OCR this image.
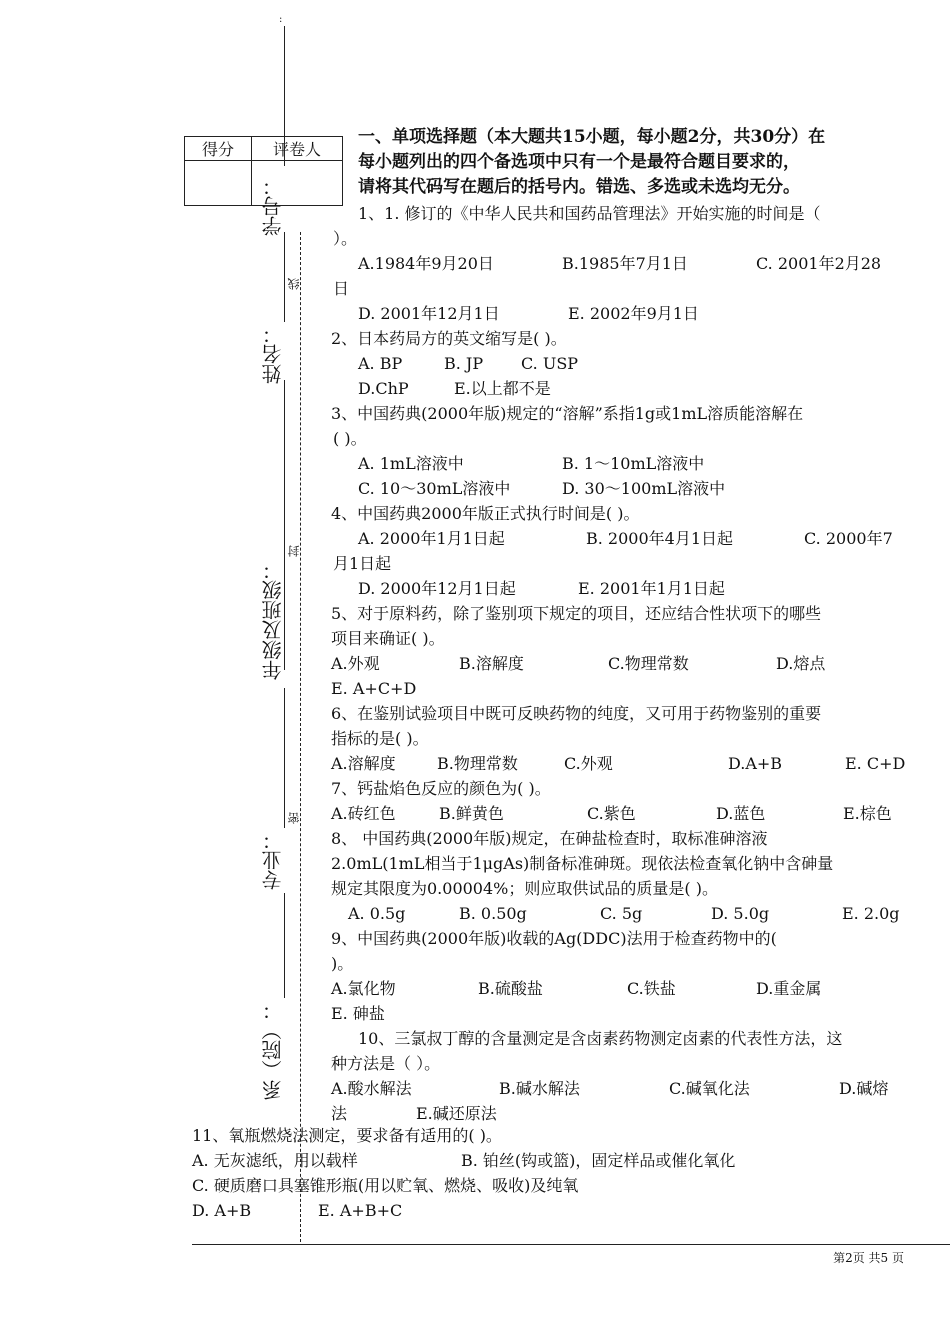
得分	评卷人

:
学号：
姓名：
年级及班级：
专业：
系（院）：
线
封
密
一、单项选择题（本大题共15小题，每小题2分，共30分）在
每小题列出的四个备选项中只有一个是最符合题目要求的，
请将其代码写在题后的括号内。错选、多选或未选均无分。
1、1. 修订的《中华人民共和国药品管理法》开始实施的时间是（
）。
A.1984年9月20日	B.1985年7月1日	C. 2001年2月28
日
D. 2001年12月1日	E. 2002年9月1日
2、日本药局方的英文缩写是( )。
A. BP	B. JP C. USP
D.ChP	E.以上都不是
3、中国药典(2000年版)规定的“溶解”系指1g或1mL溶质能溶解在
( )。
A. 1mL溶液中	B. 1～10mL溶液中
C. 10～30mL溶液中	D. 30～100mL溶液中
4、中国药典2000年版正式执行时间是( )。
A. 2000年1月1日起	B. 2000年4月1日起	C. 2000年7
月1日起
D. 2000年12月1日起	E. 2001年1月1日起
5、对于原料药，除了鉴别项下规定的项目，还应结合性状项下的哪些
项目来确证( )。
A.外观	B.溶解度	C.物理常数	D.熔点
E. A+C+D
6、在鉴别试验项目中既可反映药物的纯度，又可用于药物鉴别的重要
指标的是( )。
A.溶解度	B.物理常数	C.外观	D.A+B	E. C+D
7、钙盐焰色反应的颜色为( )。
A.砖红色	B.鲜黄色	C.紫色	D.蓝色	E.棕色
8、 中国药典(2000年版)规定，在砷盐检查时，取标准砷溶液
2.0mL(1mL相当于1μgAs)制备标准砷斑。现依法检查氧化钠中含砷量
规定其限度为0.00004%；则应取供试品的质量是( )。
A. 0.5g	B. 0.50g	C. 5g	D. 5.0g	E. 2.0g
9、中国药典(2000年版)收载的Ag(DDC)法用于检查药物中的(
)。
A.氯化物	B.硫酸盐	C.铁盐	D.重金属
E. 砷盐
10、三氯叔丁醇的含量测定是含卤素药物测定卤素的代表性方法，这
种方法是（ ）。
A.酸水解法	B.碱水解法	C.碱氧化法	D.碱熔
法	E.碱还原法
11、氧瓶燃烧法测定，要求备有适用的( )。
A. 无灰滤纸，用以载样	B. 铂丝(钩或篮)，固定样品或催化氧化
C. 硬质磨口具塞锥形瓶(用以贮氧、燃烧、吸收)及纯氧
D. A+B	E. A+B+C
第2页 共5 页
